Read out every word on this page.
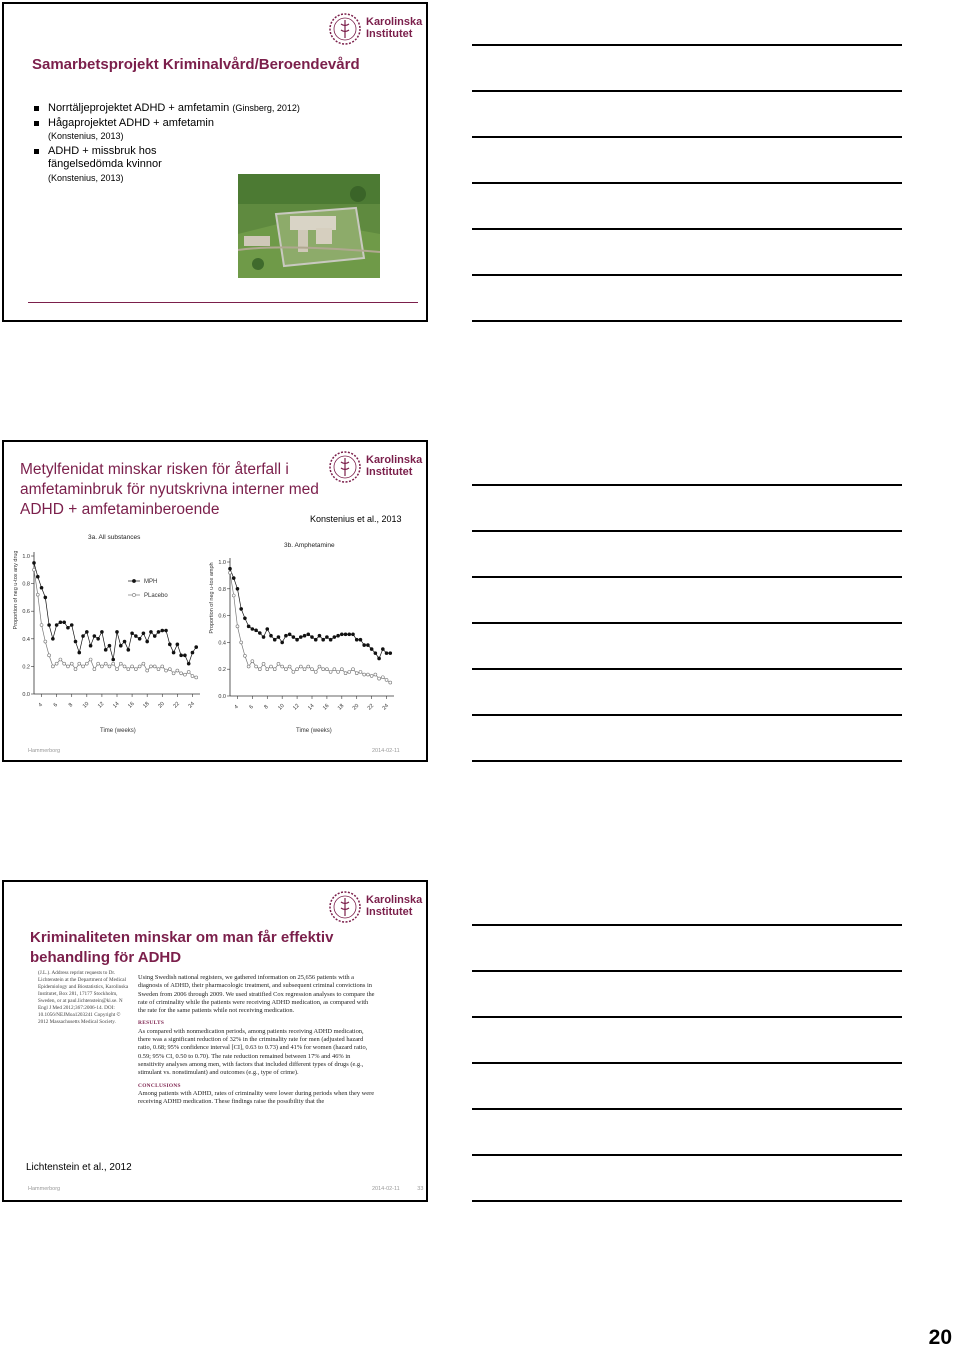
Karolinska
Institutet
Samarbetsprojekt Kriminalvård/Beroendevård
Norrtäljeprojektet ADHD + amfetamin (Ginsberg, 2012)
Hågaprojektet ADHD + amfetamin
(Konstenius, 2013)
ADHD + missbruk hos fängelsedömda kvinnor
(Konstenius, 2013)
Karolinska
Institutet
Metylfenidat minskar risken för återfall i amfetaminbruk för nyutskrivna interner med ADHD + amfetaminberoende
Konstenius et al., 2013
3a. All substances
0.0
0.2
0.4
0.6
0.8
1.0
4 6 8 10 12 14 16 18 20 22 24
Time (weeks)
Proportion of neg u-tox any drug	MPH
PLacebo
3b. Amphetamine
0.0
0.2
0.4
0.6
0.8
1.0
4 6 8 10 12 14 16 18 20 22 24
Time (weeks)
Proportion of neg u-tox amph
Hammerborg	2014-02-11
Karolinska
Institutet
Kriminaliteten minskar om man får effektiv behandling för ADHD
(J.L.). Address reprint requests to Dr. Lichtenstein at the Department of Medical Epidemiology and Biostatistics, Karolinska Institutet, Box 281, 17177 Stockholm, Sweden, or at paul.lichtenstein@ki.se. N Engl J Med 2012;367:2006-14. DOI: 10.1056/NEJMoa1203241 Copyright © 2012 Massachusetts Medical Society.
Using Swedish national registers, we gathered information on 25,656 patients with a diagnosis of ADHD, their pharmacologic treatment, and subsequent criminal convictions in Sweden from 2006 through 2009. We used stratified Cox regression analyses to compare the rate of criminality while the patients were receiving ADHD medication, as compared with the rate for the same patients while not receiving medication.
RESULTS
As compared with nonmedication periods, among patients receiving ADHD medication, there was a significant reduction of 32% in the criminality rate for men (adjusted hazard ratio, 0.68; 95% confidence interval [CI], 0.63 to 0.73) and 41% for women (hazard ratio, 0.59; 95% CI, 0.50 to 0.70). The rate reduction remained between 17% and 46% in sensitivity analyses among men, with factors that included different types of drugs (e.g., stimulant vs. nonstimulant) and outcomes (e.g., type of crime).
CONCLUSIONS
Among patients with ADHD, rates of criminality were lower during periods when they were receiving ADHD medication. These findings raise the possibility that the
Lichtenstein et al., 2012
Hammerborg	2014-02-11	33
20
